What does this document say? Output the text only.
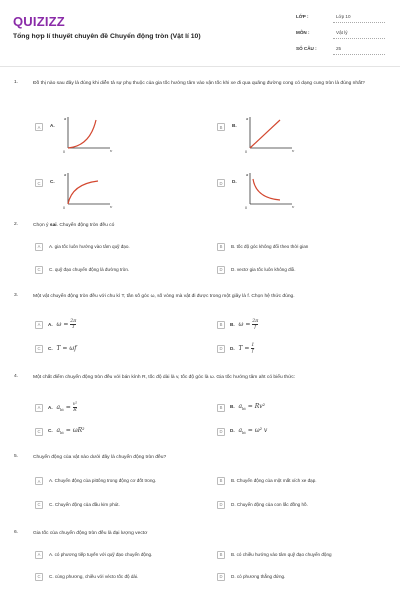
QUIZIZZ
Tổng hợp lí thuyết chuyên đề Chuyển động tròn (Vật lí 10)
LỚP :	Lớp 10
MÔN :	Vật lý
SỐ CÂU :	25
1.	Đồ thị nào sau đây là đúng khi diễn tả sự phụ thuộc của gia tốc hướng tâm vào vận tốc khi xe đi qua quãng đường cong có dạng cung tròn là đúng nhất?
A	A.
a
v
0
B	B.
a
v
0
C	C.
a
v
0
D	D.
a
v
0
2.	Chọn ý sai. Chuyển động tròn đều có
A	A. gia tốc luôn hướng vào tâm quỹ đạo.	B	B. tốc độ góc không đổi theo thời gian
C	C. quỹ đạo chuyển động là đường tròn.	D	D. vectơ gia tốc luôn không đổi.
3.	Một vật chuyển động tròn đều với chu kì T, tần số góc ω, số vòng mà vật đi được trong một giây là f. Chọn hệ thức đúng.
A	A. $\omega = \frac{2\pi}{T}$	B	B. $\omega = \frac{2\pi}{f}$
C	C. T = ωf	D	D. $T = \frac{1}{f}$
4.	Một chất điểm chuyển động tròn đều với bán kính R, tốc độ dài là v, tốc độ góc là ω. Gia tốc hướng tâm aht có biểu thức:
A	A. $a_{ht} = \frac{\text{v²}}{R}$	B	B. $a_{ht} = Rv^2$
C	C. $a_{ht} = \omega R^2$	D	D. $a_{ht} = \omega^2$ v
5.	Chuyển động của vật nào dưới đây là chuyển động tròn đều?
A	A. Chuyển động của pittông trong động cơ đốt trong.	B	B. Chuyển động của một mắt xích xe đạp.
C	C. Chuyển động của đầu kim phút.	D	D. Chuyển động của con lắc đồng hồ.
6.	Gia tốc của chuyển động tròn đều là đại lượng vectơ
A	A. có phương tiếp tuyến với quỹ đạo chuyển động.	B	B. có chiều hướng vào tâm quỹ đạo chuyển động
C	C. cùng phương, chiều với vécto tốc độ dài.	D	D. có phương thẳng đứng.
